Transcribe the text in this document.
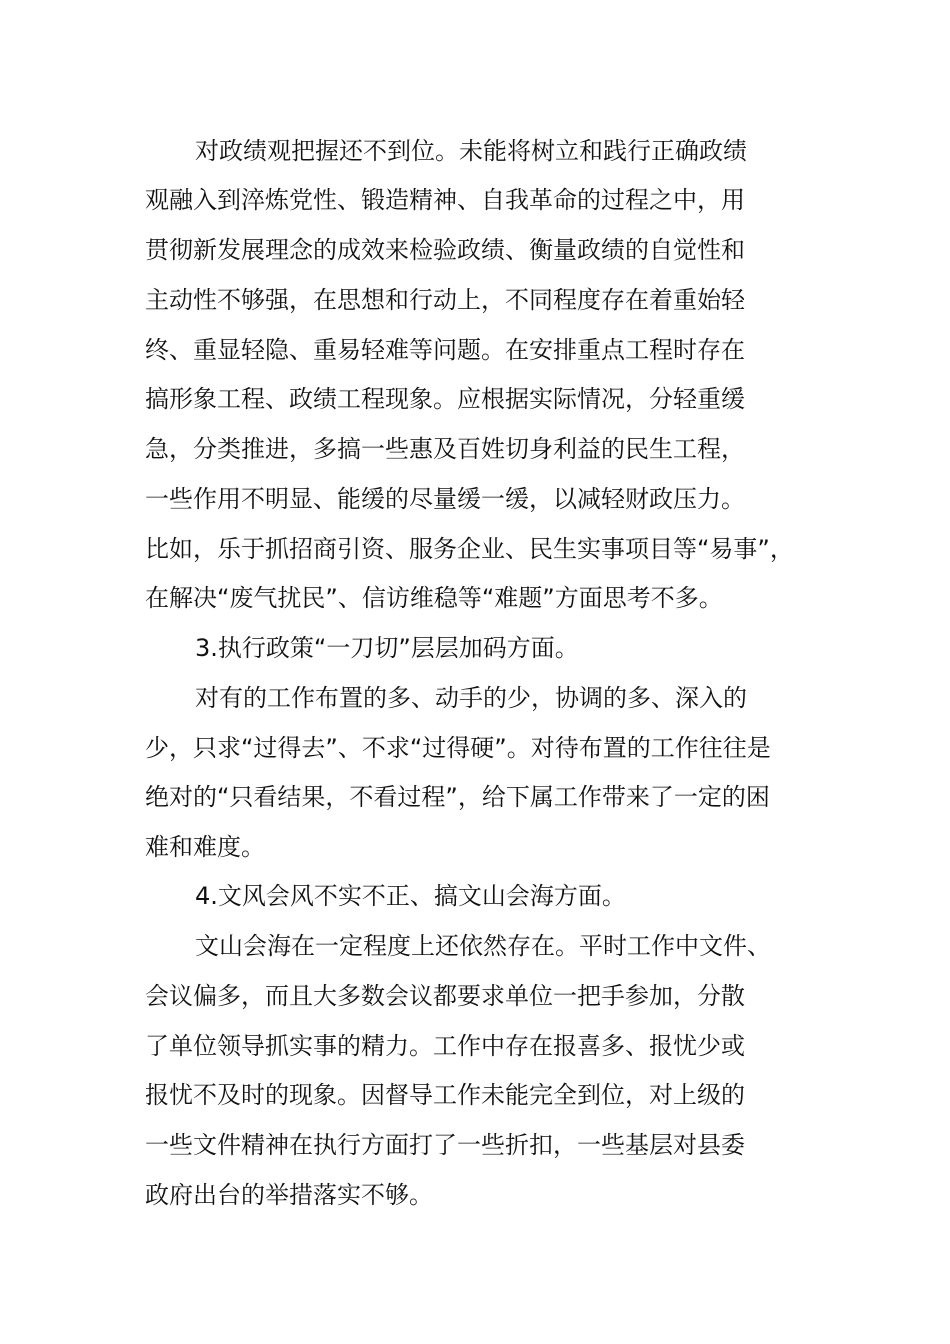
对政绩观把握还不到位。未能将树立和践行正确政绩
观融入到淬炼党性、锻造精神、自我革命的过程之中，用
贯彻新发展理念的成效来检验政绩、衡量政绩的自觉性和
主动性不够强，在思想和行动上，不同程度存在着重始轻
终、重显轻隐、重易轻难等问题。在安排重点工程时存在
搞形象工程、政绩工程现象。应根据实际情况，分轻重缓
急，分类推进，多搞一些惠及百姓切身利益的民生工程，
一些作用不明显、能缓的尽量缓一缓，以减轻财政压力。
比如，乐于抓招商引资、服务企业、民生实事项目等“易事”，
在解决“废气扰民”、信访维稳等“难题”方面思考不多。
3.执行政策“一刀切”层层加码方面。
对有的工作布置的多、动手的少，协调的多、深入的
少，只求“过得去”、不求“过得硬”。对待布置的工作往往是
绝对的“只看结果，不看过程”，给下属工作带来了一定的困
难和难度。
4.文风会风不实不正、搞文山会海方面。
文山会海在一定程度上还依然存在。平时工作中文件、
会议偏多，而且大多数会议都要求单位一把手参加，分散
了单位领导抓实事的精力。工作中存在报喜多、报忧少或
报忧不及时的现象。因督导工作未能完全到位，对上级的
一些文件精神在执行方面打了一些折扣，一些基层对县委
政府出台的举措落实不够。
